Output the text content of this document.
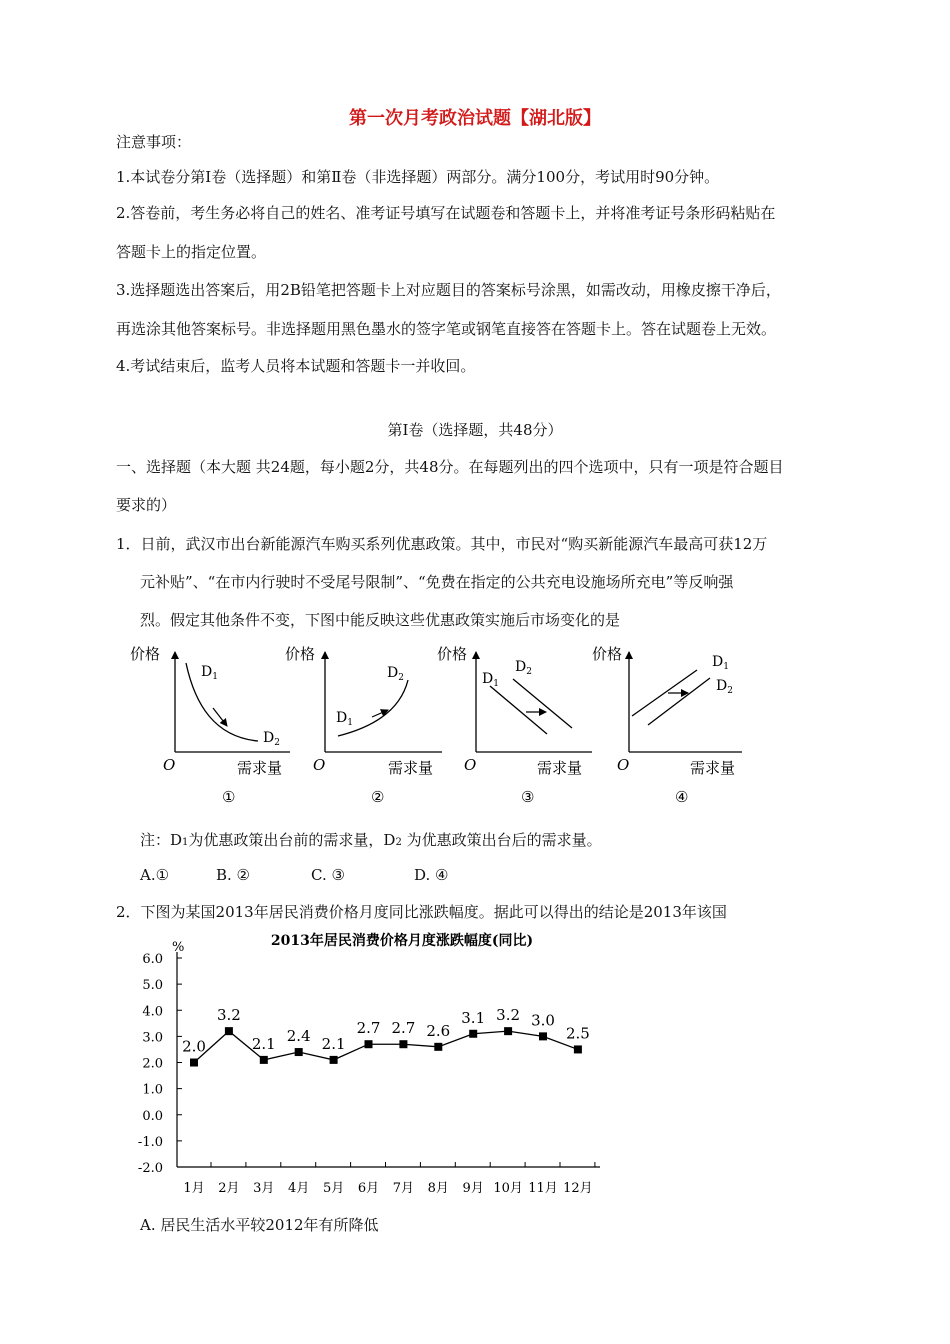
第一次月考政治试题【湖北版】
注意事项：
1.本试卷分第Ⅰ卷（选择题）和第Ⅱ卷（非选择题）两部分。满分100分，考试用时90分钟。
2.答卷前，考生务必将自己的姓名、准考证号填写在试题卷和答题卡上，并将准考证号条形码粘贴在
答题卡上的指定位置。
3.选择题选出答案后，用2B铅笔把答题卡上对应题目的答案标号涂黑，如需改动，用橡皮擦干净后，
再选涂其他答案标号。非选择题用黑色墨水的签字笔或钢笔直接答在答题卡上。答在试题卷上无效。
4.考试结束后，监考人员将本试题和答题卡一并收回。
第Ⅰ卷（选择题，共48分）
一、选择题（本大题 共24题，每小题2分，共48分。在每题列出的四个选项中，只有一项是符合题目
要求的）
1．日前，武汉市出台新能源汽车购买系列优惠政策。其中，市民对“购买新能源汽车最高可获12万
元补贴”、“在市内行驶时不受尾号限制”、“免费在指定的公共充电设施场所充电”等反响强
烈。假定其他条件不变，下图中能反映这些优惠政策实施后市场变化的是
价格
需求量
O
$D_1$
$D_2$
①
价格
需求量
O
$D_1$
$D_2$
②
价格
需求量
O
$D_1$
$D_2$
③
价格
需求量
O
$D_1$
$D_2$
④
注：D1为优惠政策出台前的需求量，D2 为优惠政策出台后的需求量。
A.①	B. ②	C. ③	D. ④
2．下图为某国2013年居民消费价格月度同比涨跌幅度。据此可以得出的结论是2013年该国
2013年居民消费价格月度涨跌幅度(同比)
%
6.0
5.0
4.0
3.0
2.0
1.0
0.0
-1.0
-2.0
1月 2月 3月 4月 5月 6月 7月 8月 9月 10月 11月 12月
2.0
3.2
2.1 2.4 2.1
2.7 2.7 2.6
3.1 3.2 3.0
2.5
A. 居民生活水平较2012年有所降低
